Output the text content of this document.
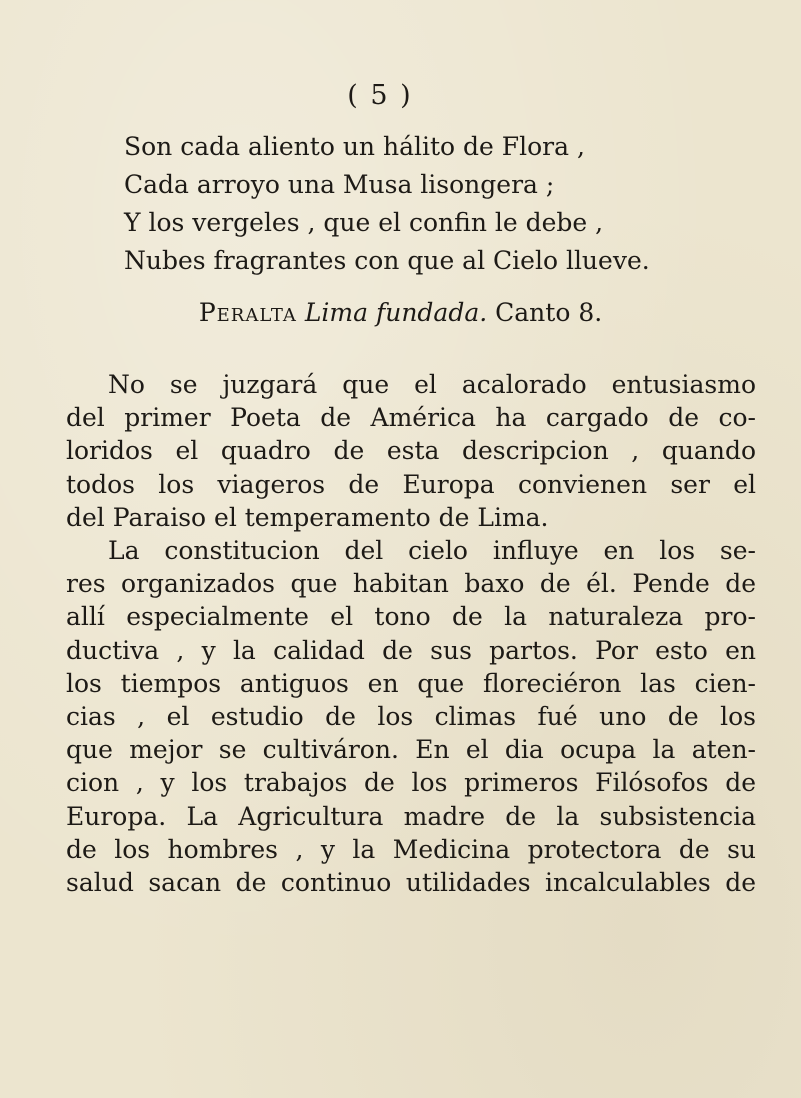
( 5 )
Son cada aliento un hálito de Flora ,
Cada arroyo una Musa lisongera ;
Y los vergeles , que el confin le debe ,
Nubes fragrantes con que al Cielo llueve.
Peralta Lima fundada. Canto 8.
No se juzgará que el acalorado entusiasmo
del primer Poeta de América ha cargado de co-
loridos el quadro de esta descripcion , quando
todos los viageros de Europa convienen ser el
del Paraiso el temperamento de Lima.
La constitucion del cielo influye en los se-
res organizados que habitan baxo de él. Pende de
allí especialmente el tono de la naturaleza pro-
ductiva , y la calidad de sus partos. Por esto en
los tiempos antiguos en que floreciéron las cien-
cias , el estudio de los climas fué uno de los
que mejor se cultiváron. En el dia ocupa la aten-
cion , y los trabajos de los primeros Filósofos de
Europa. La Agricultura madre de la subsistencia
de los hombres , y la Medicina protectora de su
salud sacan de continuo utilidades incalculables de
